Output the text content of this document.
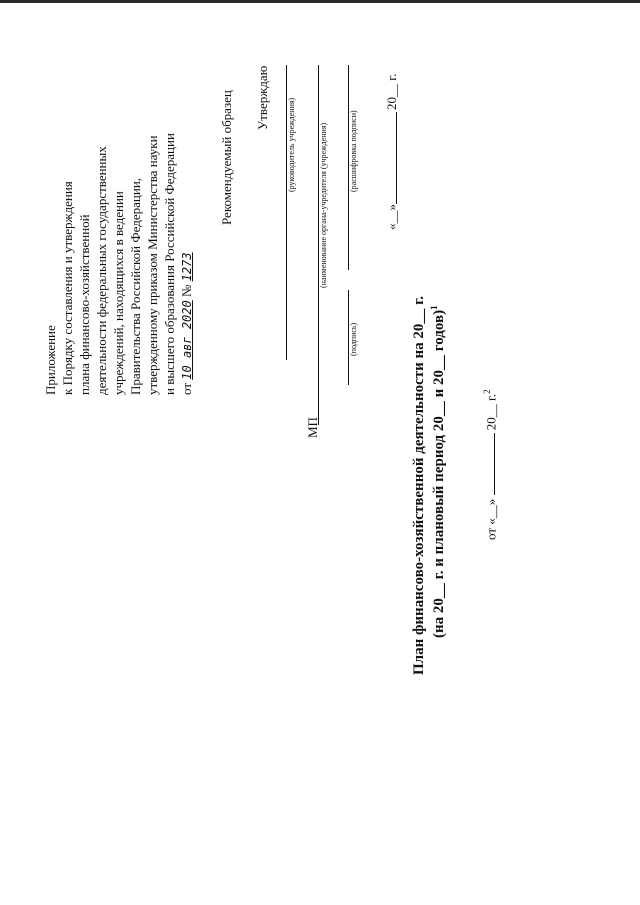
Приложение к Порядку составления и утверждения плана финансово-хозяйственной деятельности федеральных государственных учреждений, находящихся в ведении Правительства Российской Федерации, утвержденному приказом Министерства науки и высшего образования Российской Федерации от 10 авг 2020 № 1273
Рекомендуемый образец Утверждаю (руководитель учреждения)	(наименование органа-учредителя (учреждения)
(подпись)
(расшифровка подписи)
МП
«__»
20__ г.
План финансово-хозяйственной деятельности на 20__ г. (на 20__ г. и плановый период 20__ и 20__ годов)$^1$
от «__»  20__ г.$^2$
